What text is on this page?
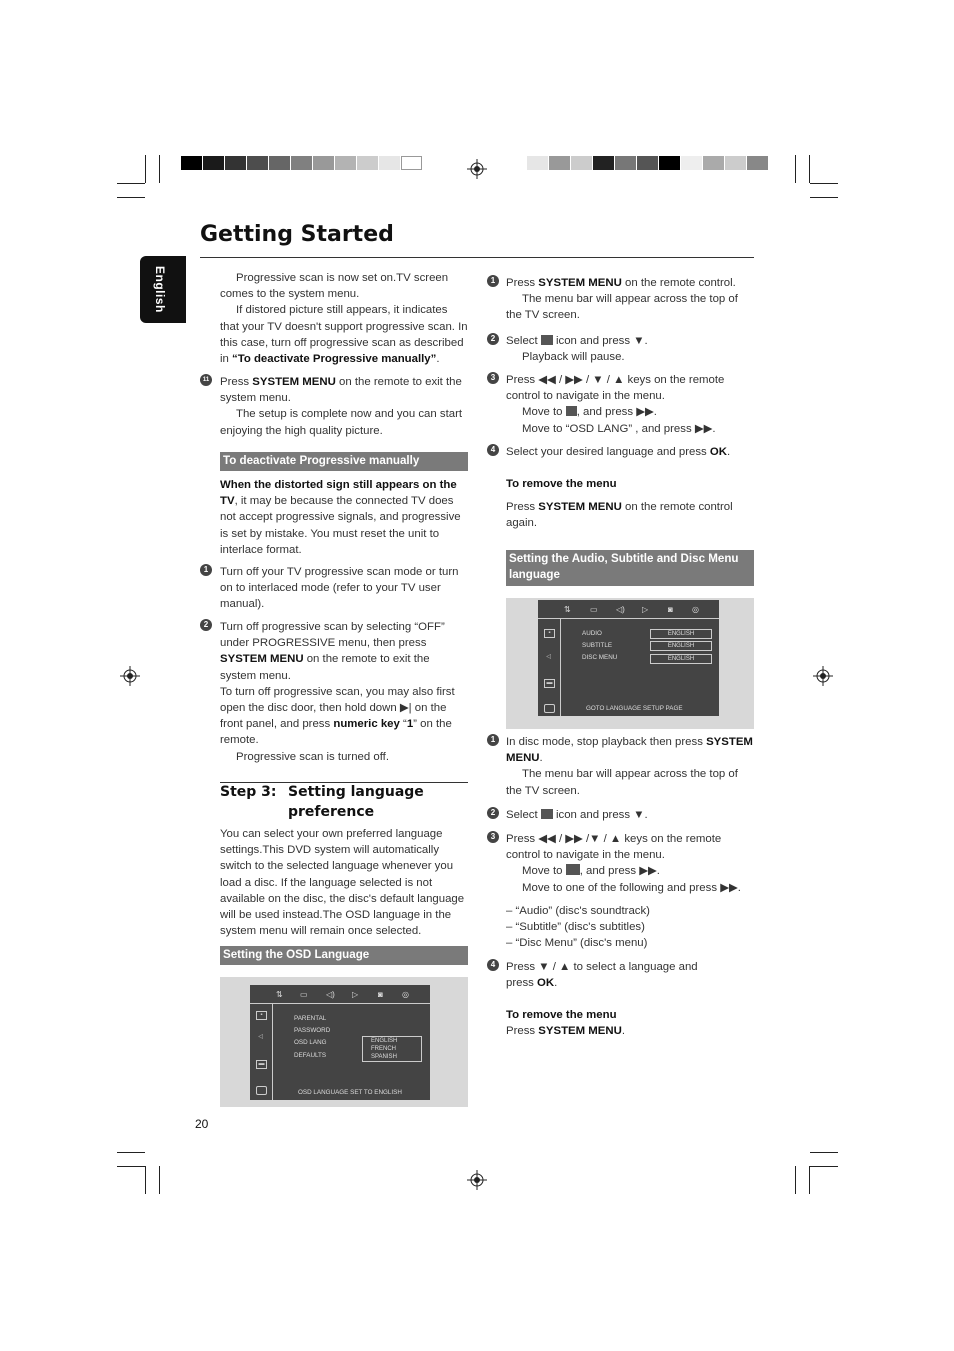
Getting Started
English	Progressive scan is now set on.TV screen comes to the system menu.

If distored picture still appears, it indicates that your TV doesn't support progressive scan. In this case, turn off progressive scan as described in “To deactivate Progressive manually”.

11 Press SYSTEM MENU on the remote to exit the system menu.

The setup is complete now and you can start enjoying the high quality picture.

To deactivate Progressive manually

When the distorted sign still appears on the TV, it may be because the connected TV does not accept progressive signals, and progressive is set by mistake. You must reset the unit to interlace format.

1	Turn off your TV progressive scan mode or turn on to interlaced mode (refer to your TV user manual).

2	Turn off progressive scan by selecting “OFF” under PROGRESSIVE menu, then press SYSTEM MENU on the remote to exit the system menu.

To turn off progressive scan, you may also first open the disc door, then hold down ▶| on the front panel, and press numeric key “1” on the remote.

Progressive scan is turned off.

Step 3: Setting language preference

You can select your own preferred language settings.This DVD system will automatically switch to the selected language whenever you load a disc. If the language selected is not available on the disc, the disc's default language will be used instead.The OSD language in the system menu will remain once selected.

Setting the OSD Language
⇅ ▭ ◁) ▷ ◙ ◎
▪
◁
▬
PARENTAL
PASSWORD
OSD LANG
DEFAULTS
ENGLISH
FRENCH
SPANISH
OSD LANGUAGE SET TO ENGLISH
20
1 Press SYSTEM MENU on the remote control.

The menu bar will appear across the top of the TV screen.

2 Select  icon and press ▼.

Playback will pause.

3 Press ◀◀ / ▶▶ / ▼ / ▲ keys on the remote control to navigate in the menu.

Move to , and press ▶▶.

Move to “OSD LANG” , and press ▶▶.

4 Select your desired language and press OK.

To remove the menu

Press SYSTEM MENU on the remote control again.

Setting the Audio, Subtitle and Disc Menu language
⇅ ▭ ◁) ▷ ◙ ◎
▪
◁
▬
AUDIO
SUBTITLE
DISC MENU
ENGLISH
ENGLISH
ENGLISH
GOTO LANGUAGE SETUP PAGE
1 In disc mode, stop playback then press SYSTEM MENU.

The menu bar will appear across the top of the TV screen.

2 Select  icon and press ▼.

3 Press ◀◀ / ▶▶ /▼ / ▲ keys on the remote control to navigate in the menu.

Move to , and press ▶▶.

Move to one of the following and press ▶▶.

– “Audio” (disc's soundtrack)

– “Subtitle” (disc's subtitles)

– “Disc Menu” (disc's menu)

4 Press ▼ / ▲ to select a language and press OK.

To remove the menu

Press SYSTEM MENU.
